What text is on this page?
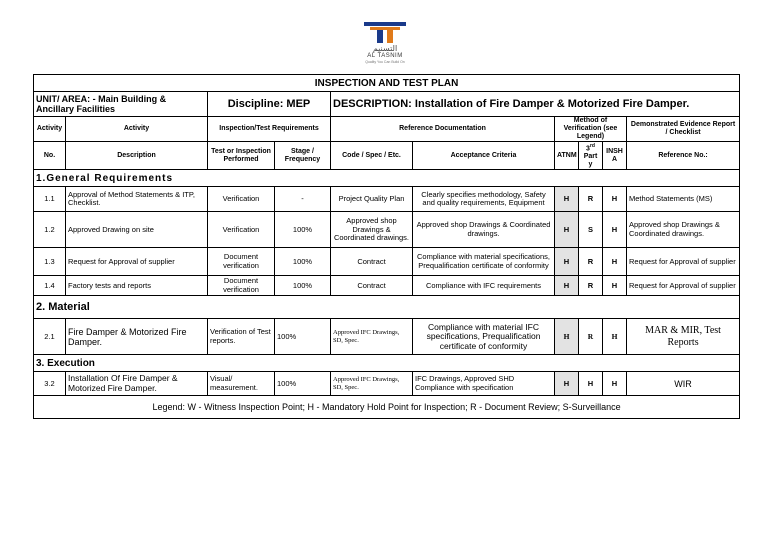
التسنيم
AL TASNIM
Quality You Can Build On
INSPECTION AND TEST PLAN									
UNIT/ AREA: - Main Building & Ancillary Facilities		Discipline: MEP		DESCRIPTION: Installation of Fire Damper & Motorized Fire Damper.					
Activity	Activity	Inspection/Test Requirements		Reference Documentation		Method of Verification (see Legend)			Demonstrated Evidence Report / Checklist
No.	Description	Test or Inspection Performed	Stage / Frequency	Code / Spec / Etc.	Acceptance Criteria	ATNM	3rd Part y	INSH A	Reference No.:
1.General Requirements									
1.1	Approval of Method Statements & ITP, Checklist.	Verification	-	Project Quality Plan	Clearly specifies methodology, Safety and quality requirements, Equipment	H	R	H	Method Statements (MS)
1.2	Approved Drawing on site	Verification	100%	Approved shop Drawings & Coordinated drawings.	Approved shop Drawings & Coordinated drawings.	H	S	H	Approved shop Drawings & Coordinated drawings.
1.3	Request for Approval of supplier	Document verification	100%	Contract	Compliance with material specifications, Prequalification certificate of conformity	H	R	H	Request for Approval of supplier
1.4	Factory tests and reports	Document verification	100%	Contract	Compliance with IFC requirements	H	R	H	Request for Approval of supplier
2. Material									
2.1	Fire Damper & Motorized Fire Damper.	Verification of Test reports.	100%	Approved IFC Drawings, SD, Spec.	Compliance with material IFC specifications, Prequalification certificate of conformity	H	R	H	MAR & MIR, Test Reports
3. Execution									
3.2	Installation Of Fire Damper & Motorized Fire Damper.	Visual/ measurement.	100%	Approved IFC Drawings, SD, Spec.	IFC Drawings, Approved SHD Compliance with specification	H	H	H	WIR
Legend: W - Witness Inspection Point; H - Mandatory Hold Point for Inspection; R - Document Review; S-Surveillance									
